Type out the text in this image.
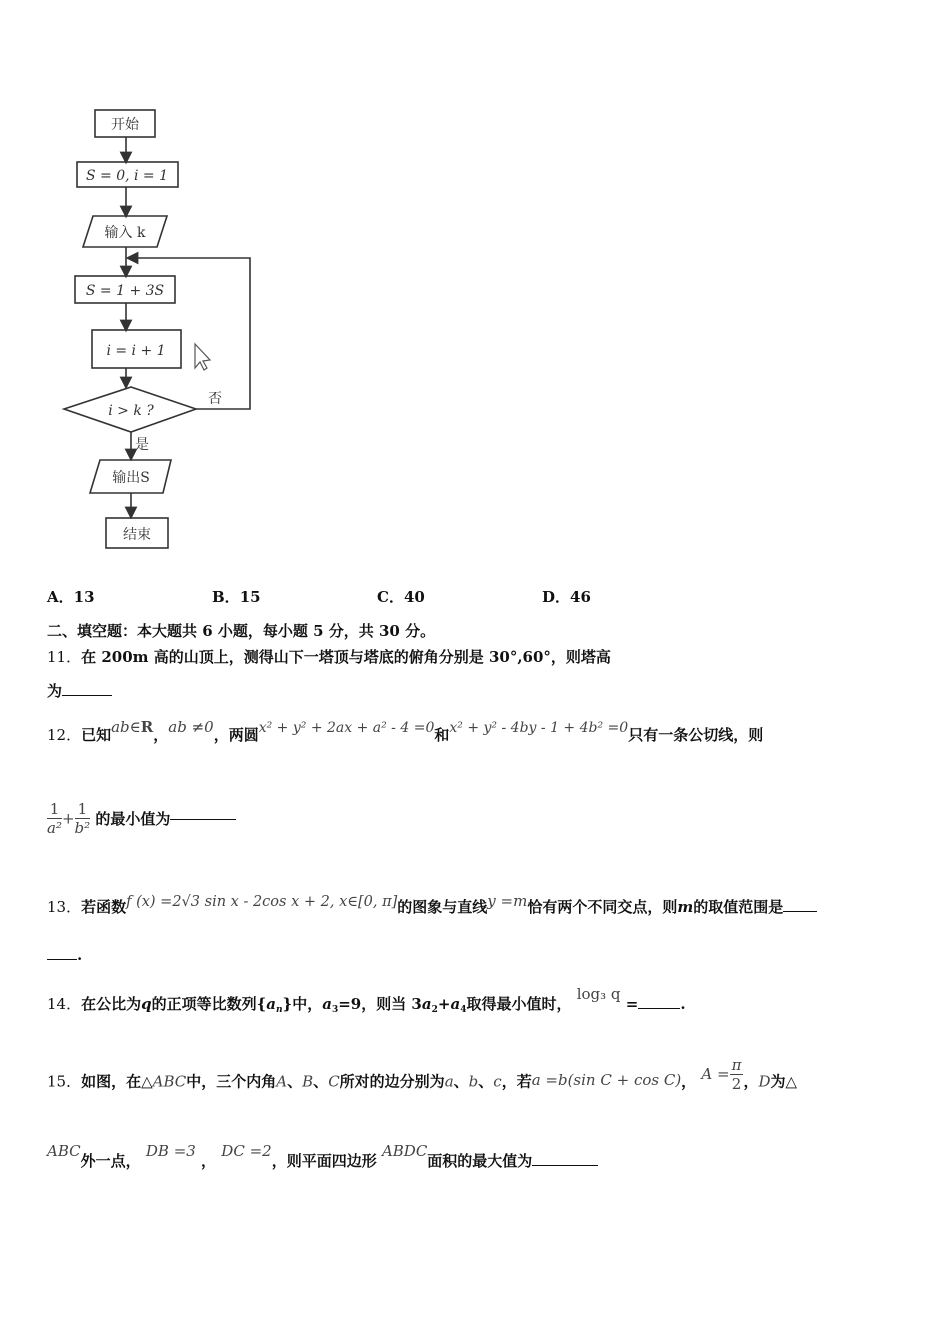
开始
S = 0, i = 1
输入 k
S = 1 + 3S
i = i + 1
i > k ?
否
是
输出S
结束
A．13	B．15	C．40	D．46
二、填空题：本大题共 6 小题，每小题 5 分，共 30 分。
11．在 200m 高的山顶上，测得山下一塔顶与塔底的俯角分别是 30°,60°，则塔高
为
12．已知ab∈R，ab ≠0，两圆x² + y² + 2ax + a² - 4 =0和x² + y² - 4by - 1 + 4b² =0只有一条公切线，则
$\frac{1}{\text{a²}} + \frac{1}{\text{b²}}$ 的最小值为
13．若函数f (x) =2√3 sin x - 2cos x + 2, x∈[0, π]的图象与直线y =m恰有两个不同交点，则m的取值范围是
.
14．在公比为q的正项等比数列$\{a_n\}$中，$a_3=9$，则当 $3a_2+a_4$取得最小值时， log₃ q =	.
15．如图，在△ABC中，三个内角A、B、C所对的边分别为a、b、c，若a =b(sin C + cos C)， $A = \frac{\pi}{2}$ ，D为△
ABC外一点， DB =3 ， DC =2，则平面四边形 ABDC面积的最大值为
